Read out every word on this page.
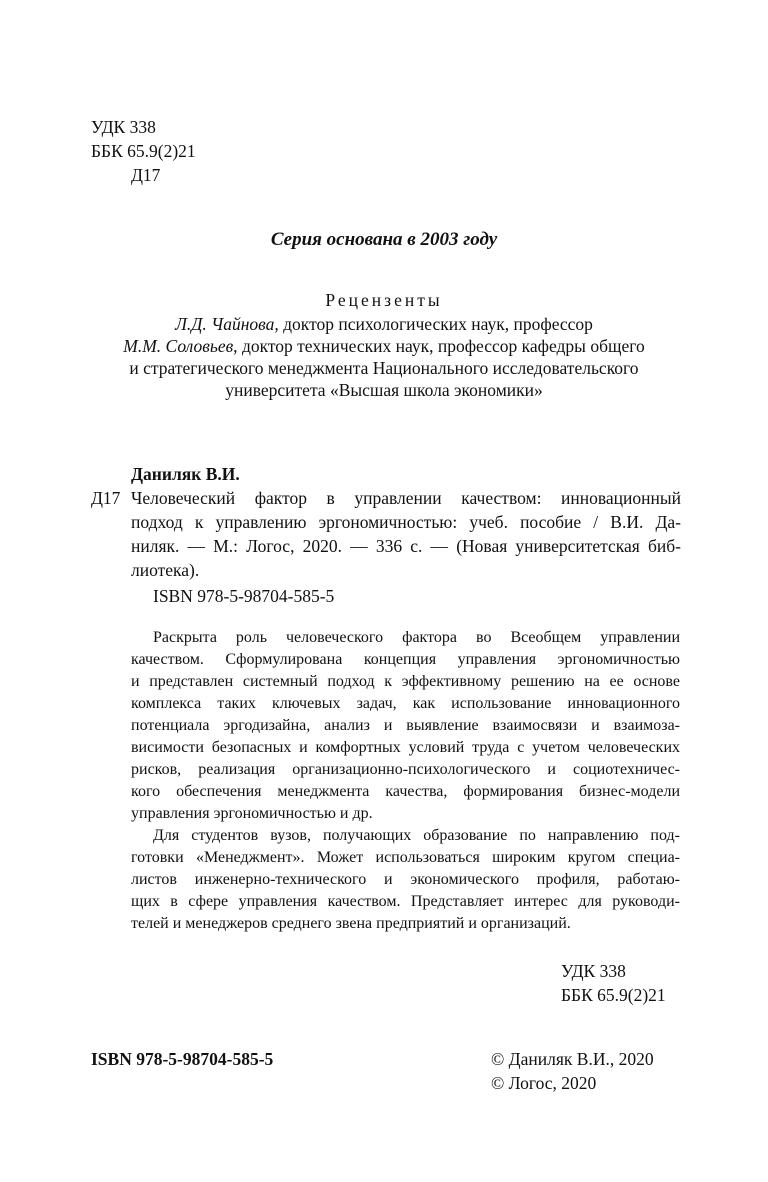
УДК 338
ББК 65.9(2)21
Д17
Серия основана в 2003 году
Рецензенты
Л.Д. Чайнова, доктор психологических наук, профессор
М.М. Соловьев, доктор технических наук, профессор кафедры общего
и стратегического менеджмента Национального исследовательского
университета «Высшая школа экономики»
Даниляк В.И.
Д17 Человеческий фактор в управлении качеством: инновационный
подход к управлению эргономичностью: учеб. пособие / В.И. Да-
ниляк. — М.: Логос, 2020. — 336 с. — (Новая университетская биб-
лиотека).
ISBN 978-5-98704-585-5
Раскрыта роль человеческого фактора во Всеобщем управлении
качеством. Сформулирована концепция управления эргономичностью
и представлен системный подход к эффективному решению на ее основе
комплекса таких ключевых задач, как использование инновационного
потенциала эргодизайна, анализ и выявление взаимосвязи и взаимоза-
висимости безопасных и комфортных условий труда с учетом человеческих
рисков, реализация организационно-психологического и социотехничес-
кого обеспечения менеджмента качества, формирования бизнес-модели
управления эргономичностью и др.
Для студентов вузов, получающих образование по направлению под-
готовки «Менеджмент». Может использоваться широким кругом специа-
листов инженерно-технического и экономического профиля, работаю-
щих в сфере управления качеством. Представляет интерес для руководи-
телей и менеджеров среднего звена предприятий и организаций.
УДК 338
ББК 65.9(2)21
ISBN 978-5-98704-585-5	© Даниляк В.И., 2020
© Логос, 2020
